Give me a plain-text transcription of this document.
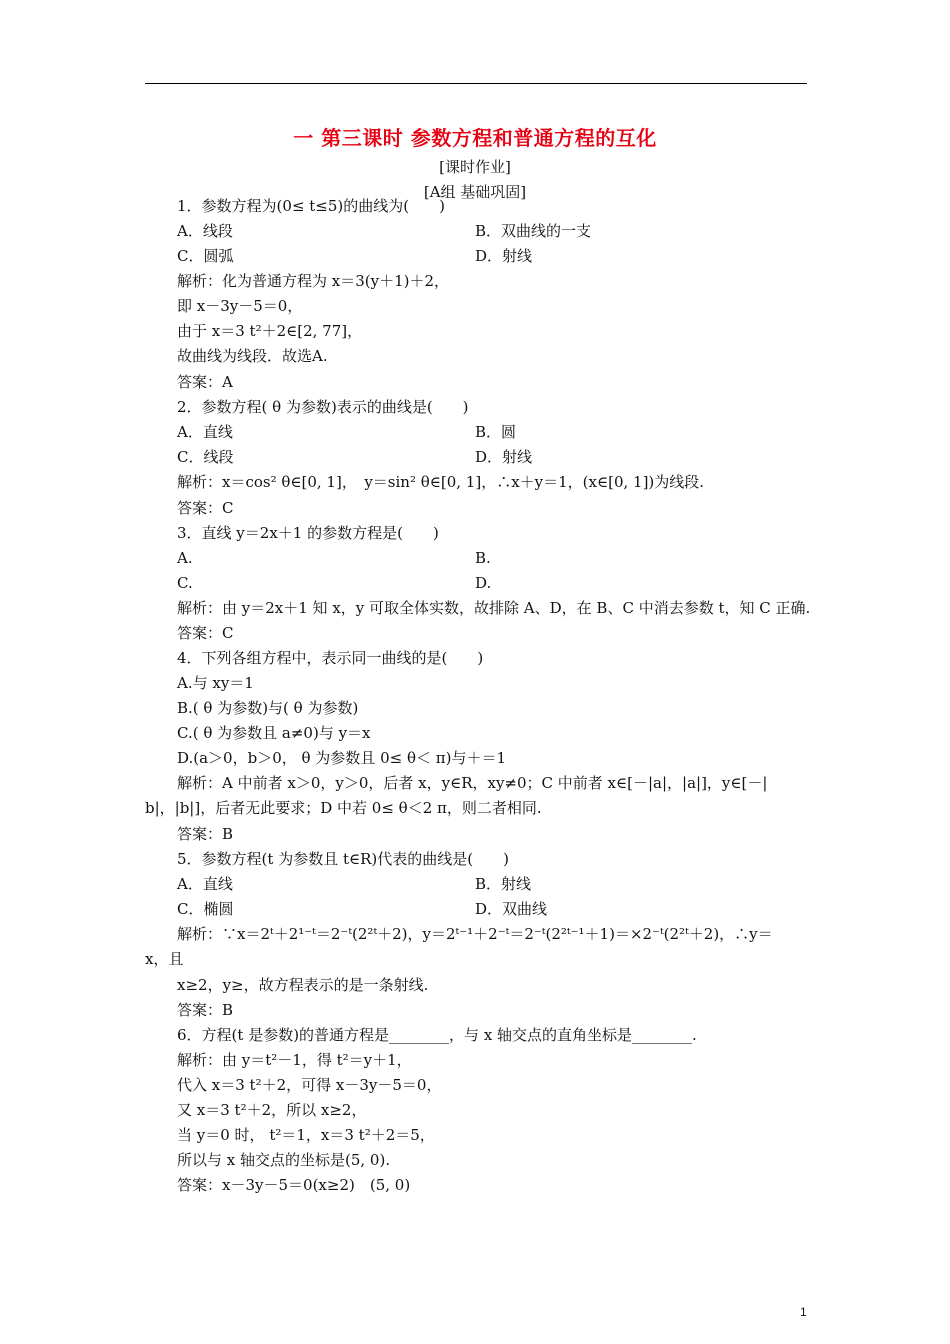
一 第三课时 参数方程和普通方程的互化
[课时作业]
[A组 基础巩固]
1．参数方程为(0≤ t≤5)的曲线为(　　)
A．线段	B．双曲线的一支
C．圆弧	D．射线
解析：化为普通方程为 x＝3(y＋1)＋2，
即 x－3y－5＝0，
由于 x＝3 t²＋2∈[2, 77]，
故曲线为线段．故选A.
答案：A
2．参数方程( θ 为参数)表示的曲线是(　　)
A．直线	B．圆
C．线段	D．射线
解析：x＝cos² θ∈[0, 1]，　y＝sin² θ∈[0, 1]，∴x＋y＝1，(x∈[0, 1])为线段.
答案：C
3．直线 y＝2x＋1 的参数方程是(　　)
A.	B.
C.	D.
解析：由 y＝2x＋1 知 x，y 可取全体实数，故排除 A、D，在 B、C 中消去参数 t，知 C 正确.
答案：C
4．下列各组方程中，表示同一曲线的是(　　)
A.与 xy＝1
B.( θ 为参数)与( θ 为参数)
C.( θ 为参数且 a≠0)与 y＝x
D.(a＞0，b＞0， θ 为参数且 0≤ θ＜ π)与＋＝1
解析：A 中前者 x＞0，y＞0，后者 x，y∈R，xy≠0；C 中前者 x∈[－|a|，|a|]，y∈[－|
b|，|b|]，后者无此要求；D 中若 0≤ θ＜2 π，则二者相同.
答案：B
5．参数方程(t 为参数且 t∈R)代表的曲线是(　　)
A．直线	B．射线
C．椭圆	D．双曲线
解析：∵x＝2ᵗ＋2¹⁻ᵗ＝2⁻ᵗ(2²ᵗ＋2)，y＝2ᵗ⁻¹＋2⁻ᵗ＝2⁻ᵗ(2²ᵗ⁻¹＋1)＝×2⁻ᵗ(2²ᵗ＋2)，∴y＝
x，且
x≥2，y≥，故方程表示的是一条射线.
答案：B
6．方程(t 是参数)的普通方程是________，与 x 轴交点的直角坐标是________.
解析：由 y＝t²－1，得 t²＝y＋1，
代入 x＝3 t²＋2，可得 x－3y－5＝0，
又 x＝3 t²＋2，所以 x≥2，
当 y＝0 时， t²＝1，x＝3 t²＋2＝5，
所以与 x 轴交点的坐标是(5, 0).
答案：x－3y－5＝0(x≥2)　(5, 0)
1
